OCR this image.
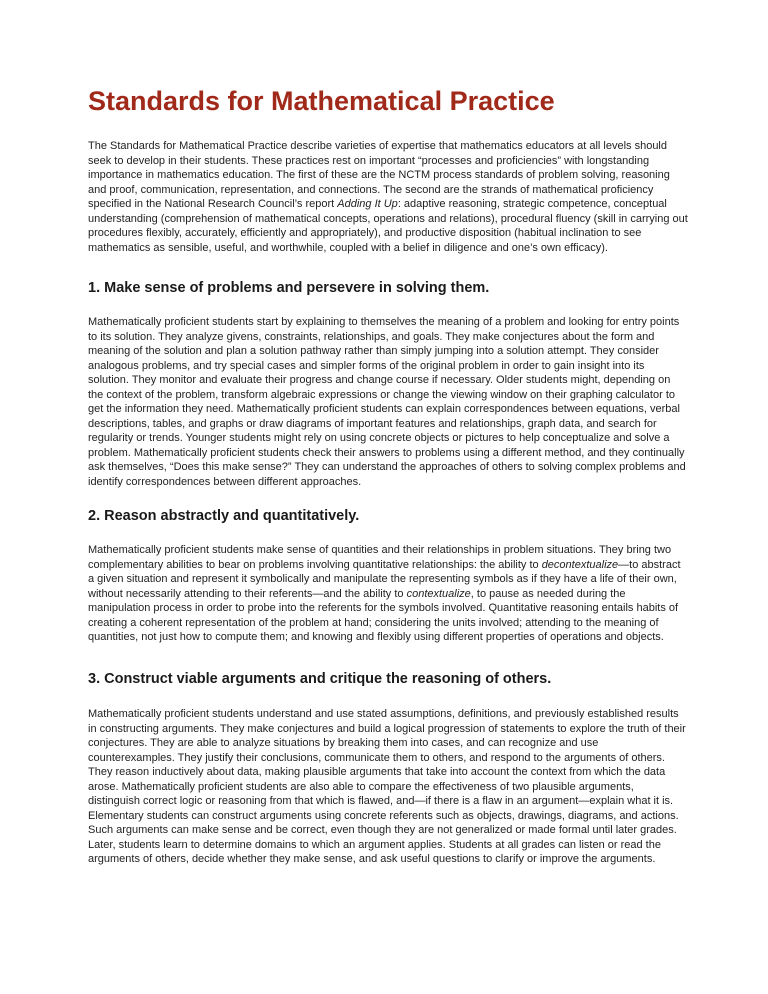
Standards for Mathematical Practice

The Standards for Mathematical Practice describe varieties of expertise that mathematics educators at all levels should seek to develop in their students. These practices rest on important “processes and proficiencies” with longstanding importance in mathematics education. The first of these are the NCTM process standards of problem solving, reasoning and proof, communication, representation, and connections. The second are the strands of mathematical proficiency specified in the National Research Council’s report Adding It Up: adaptive reasoning, strategic competence, conceptual understanding (comprehension of mathematical concepts, operations and relations), procedural fluency (skill in carrying out procedures flexibly, accurately, efficiently and appropriately), and productive disposition (habitual inclination to see mathematics as sensible, useful, and worthwhile, coupled with a belief in diligence and one’s own efficacy).

1. Make sense of problems and persevere in solving them.

Mathematically proficient students start by explaining to themselves the meaning of a problem and looking for entry points to its solution. They analyze givens, constraints, relationships, and goals. They make conjectures about the form and meaning of the solution and plan a solution pathway rather than simply jumping into a solution attempt. They consider analogous problems, and try special cases and simpler forms of the original problem in order to gain insight into its solution. They monitor and evaluate their progress and change course if necessary. Older students might, depending on the context of the problem, transform algebraic expressions or change the viewing window on their graphing calculator to get the information they need. Mathematically proficient students can explain correspondences between equations, verbal descriptions, tables, and graphs or draw diagrams of important features and relationships, graph data, and search for regularity or trends. Younger students might rely on using concrete objects or pictures to help conceptualize and solve a problem. Mathematically proficient students check their answers to problems using a different method, and they continually ask themselves, “Does this make sense?” They can understand the approaches of others to solving complex problems and identify correspondences between different approaches.

2. Reason abstractly and quantitatively.

Mathematically proficient students make sense of quantities and their relationships in problem situations. They bring two complementary abilities to bear on problems involving quantitative relationships: the ability to decontextualize—to abstract a given situation and represent it symbolically and manipulate the representing symbols as if they have a life of their own, without necessarily attending to their referents—and the ability to contextualize, to pause as needed during the manipulation process in order to probe into the referents for the symbols involved. Quantitative reasoning entails habits of creating a coherent representation of the problem at hand; considering the units involved; attending to the meaning of quantities, not just how to compute them; and knowing and flexibly using different properties of operations and objects.

3. Construct viable arguments and critique the reasoning of others.

Mathematically proficient students understand and use stated assumptions, definitions, and previously established results in constructing arguments. They make conjectures and build a logical progression of statements to explore the truth of their conjectures. They are able to analyze situations by breaking them into cases, and can recognize and use counterexamples. They justify their conclusions, communicate them to others, and respond to the arguments of others. They reason inductively about data, making plausible arguments that take into account the context from which the data arose. Mathematically proficient students are also able to compare the effectiveness of two plausible arguments, distinguish correct logic or reasoning from that which is flawed, and—if there is a flaw in an argument—explain what it is. Elementary students can construct arguments using concrete referents such as objects, drawings, diagrams, and actions. Such arguments can make sense and be correct, even though they are not generalized or made formal until later grades. Later, students learn to determine domains to which an argument applies. Students at all grades can listen or read the arguments of others, decide whether they make sense, and ask useful questions to clarify or improve the arguments.
